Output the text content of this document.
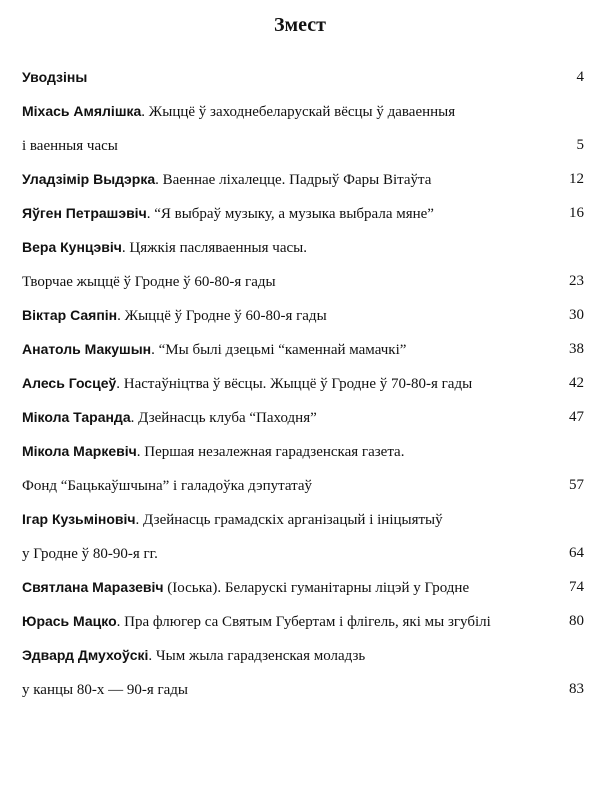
Змест
Уводзіны	4
Міхась Амялішка. Жыццё ў заходнебеларускай вёсцы ў даваенныя
і ваенныя часы	5
Уладзімір Выдэрка. Ваеннае ліхалецце. Падрыў Фары Вітаўта	12
Яўген Петрашэвіч. “Я выбраў музыку, а музыка выбрала мяне”	16
Вера Кунцэвіч. Цяжкія пасляваенныя часы.
Творчае жыццё ў Гродне ў 60-80-я гады	23
Віктар Саяпін. Жыццё ў Гродне ў 60-80-я гады	30
Анатоль Макушын. “Мы былі дзецьмі “каменнай мамачкі”	38
Алесь Госцеў. Настаўніцтва ў вёсцы. Жыццё ў Гродне ў 70-80-я гады	42
Мікола Таранда. Дзейнасць клуба “Паходня”	47
Мікола Маркевіч. Першая незалежная гарадзенская газета.
Фонд “Бацькаўшчына” і галадоўка дэпутатаў	57
Ігар Кузьміновіч. Дзейнасць грамадскіх арганізацый і ініцыятыў
у Гродне ў 80-90-я гг.	64
Святлана Маразевіч (Іоська). Беларускі гуманітарны ліцэй у Гродне	74
Юрась Мацко. Пра флюгер са Святым Губертам і флігель, які мы згубілі	80
Эдвард Дмухоўскі. Чым жыла гарадзенская моладзь
у канцы 80-х — 90-я гады	83
